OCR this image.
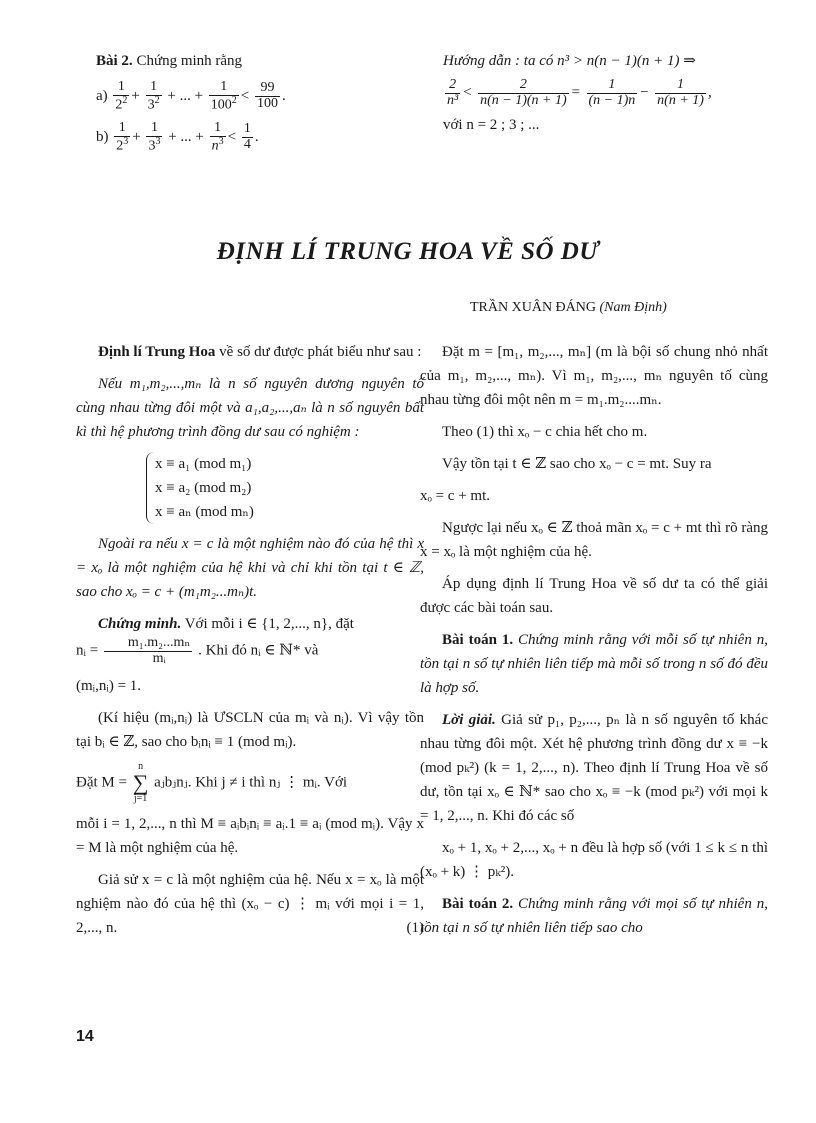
Bài 2. Chứng minh rằng
$a) \frac{1}{2^2} + \frac{1}{3^2}$ + ... + $\frac{1}{100^2} < \frac{99}{100}$ .
$b) \frac{1}{2^3} + \frac{1}{3^3}$ + ... + $\frac{1}{n^3} < \frac{1}{4}$ .
Hướng dẫn : ta có n³ > n(n − 1)(n + 1) ⇒
$\frac{2}{\text{n³}} < \frac{2}{n(n - 1)(n + 1)} = \frac{1}{(n - 1)n} - \frac{1}{n(n + 1)}$ ,
với n = 2 ; 3 ; ...
ĐỊNH LÍ TRUNG HOA VỀ SỐ DƯ
TRẦN XUÂN ĐÁNG (Nam Định)

Định lí Trung Hoa về số dư được phát biểu như sau :

Nếu m₁,m₂,...,mₙ là n số nguyên dương nguyên tố cùng nhau từng đôi một và a₁,a₂,...,aₙ là n số nguyên bất kì thì hệ phương trình đồng dư sau có nghiệm :

x ≡ a₁ (mod m₁)
x ≡ a₂ (mod m₂)
x ≡ aₙ (mod mₙ)

Ngoài ra nếu x = c là một nghiệm nào đó của hệ thì x = xₒ là một nghiệm của hệ khi và chỉ khi tồn tại t ∈ ℤ, sao cho xₒ = c + (m₁m₂...mₙ)t.

Chứng minh. Với mỗi i ∈ {1, 2,..., n}, đặt
nᵢ = $\frac{\text{m₁.m₂...mₙ}}{\text{mᵢ}}$ . Khi đó nᵢ ∈ ℕ* và

(mᵢ,nᵢ) = 1.

(Kí hiệu (mᵢ,nᵢ) là ƯSCLN của mᵢ và nᵢ). Vì vậy tồn tại bᵢ ∈ ℤ, sao cho bᵢnᵢ ≡ 1 (mod mᵢ).

Đặt M = n
∑
j=1 aⱼbⱼnⱼ. Khi j ≠ i thì nⱼ ⋮ mᵢ. Với

mỗi i = 1, 2,..., n thì M ≡ aᵢbᵢnᵢ ≡ aᵢ.1 ≡ aᵢ (mod mᵢ). Vậy x = M là một nghiệm của hệ.

Giả sử x = c là một nghiệm của hệ. Nếu x = xₒ là một nghiệm nào đó của hệ thì (xₒ − c) ⋮ mᵢ với mọi i = 1, 2,..., n.	(1)

Đặt m = [m₁, m₂,..., mₙ] (m là bội số chung nhỏ nhất của m₁, m₂,..., mₙ). Vì m₁, m₂,..., mₙ nguyên tố cùng nhau từng đôi một nên m = m₁.m₂....mₙ.

Theo (1) thì xₒ − c chia hết cho m.

Vậy tồn tại t ∈ ℤ sao cho xₒ − c = mt. Suy ra

xₒ = c + mt.

Ngược lại nếu xₒ ∈ ℤ thoả mãn xₒ = c + mt thì rõ ràng x = xₒ là một nghiệm của hệ.

Áp dụng định lí Trung Hoa về số dư ta có thể giải được các bài toán sau.

Bài toán 1. Chứng minh rằng với mỗi số tự nhiên n, tồn tại n số tự nhiên liên tiếp mà mỗi số trong n số đó đều là hợp số.

Lời giải. Giả sử p₁, p₂,..., pₙ là n số nguyên tố khác nhau từng đôi một. Xét hệ phương trình đồng dư x ≡ −k (mod pₖ²) (k = 1, 2,..., n). Theo định lí Trung Hoa về số dư, tồn tại xₒ ∈ ℕ* sao cho xₒ ≡ −k (mod pₖ²) với mọi k = 1, 2,..., n. Khi đó các số

xₒ + 1, xₒ + 2,..., xₒ + n đều là hợp số (với 1 ≤ k ≤ n thì (xₒ + k) ⋮ pₖ²).

Bài toán 2. Chứng minh rằng với mọi số tự nhiên n, tồn tại n số tự nhiên liên tiếp sao cho

14
